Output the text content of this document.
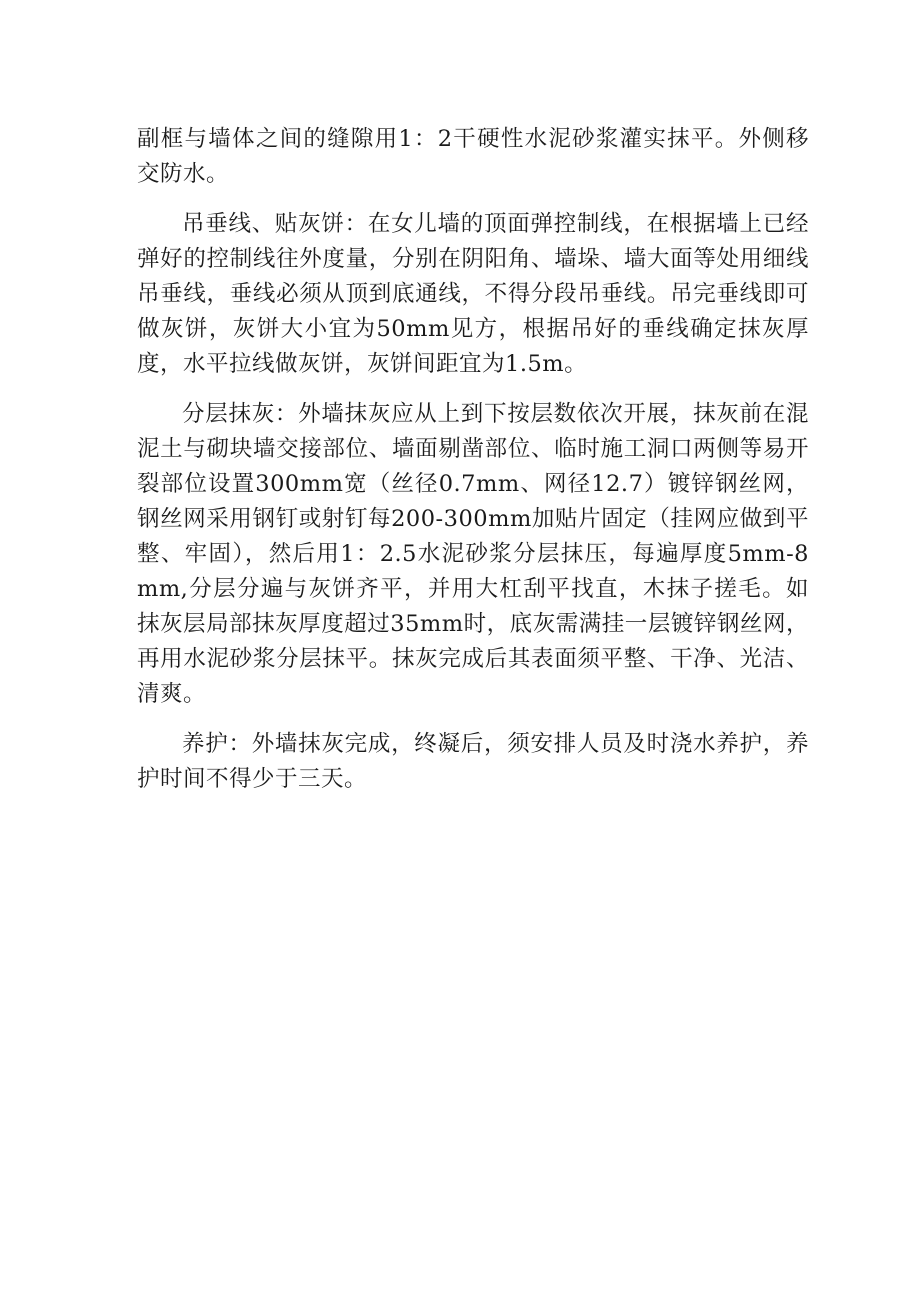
副框与墙体之间的缝隙用1：2干硬性水泥砂浆灌实抹平。外侧移交防水。

吊垂线、贴灰饼：在女儿墙的顶面弹控制线，在根据墙上已经弹好的控制线往外度量，分别在阴阳角、墙垛、墙大面等处用细线吊垂线，垂线必须从顶到底通线，不得分段吊垂线。吊完垂线即可做灰饼，灰饼大小宜为50mm见方，根据吊好的垂线确定抹灰厚度，水平拉线做灰饼，灰饼间距宜为1.5m。

分层抹灰：外墙抹灰应从上到下按层数依次开展，抹灰前在混泥土与砌块墙交接部位、墙面剔凿部位、临时施工洞口两侧等易开裂部位设置300mm宽（丝径0.7mm、网径12.7）镀锌钢丝网，钢丝网采用钢钉或射钉每200-300mm加贴片固定（挂网应做到平整、牢固），然后用1：2.5水泥砂浆分层抹压，每遍厚度5mm-8mm,分层分遍与灰饼齐平，并用大杠刮平找直，木抹子搓毛。如抹灰层局部抹灰厚度超过35mm时，底灰需满挂一层镀锌钢丝网，再用水泥砂浆分层抹平。抹灰完成后其表面须平整、干净、光洁、清爽。

养护：外墙抹灰完成，终凝后，须安排人员及时浇水养护，养护时间不得少于三天。
